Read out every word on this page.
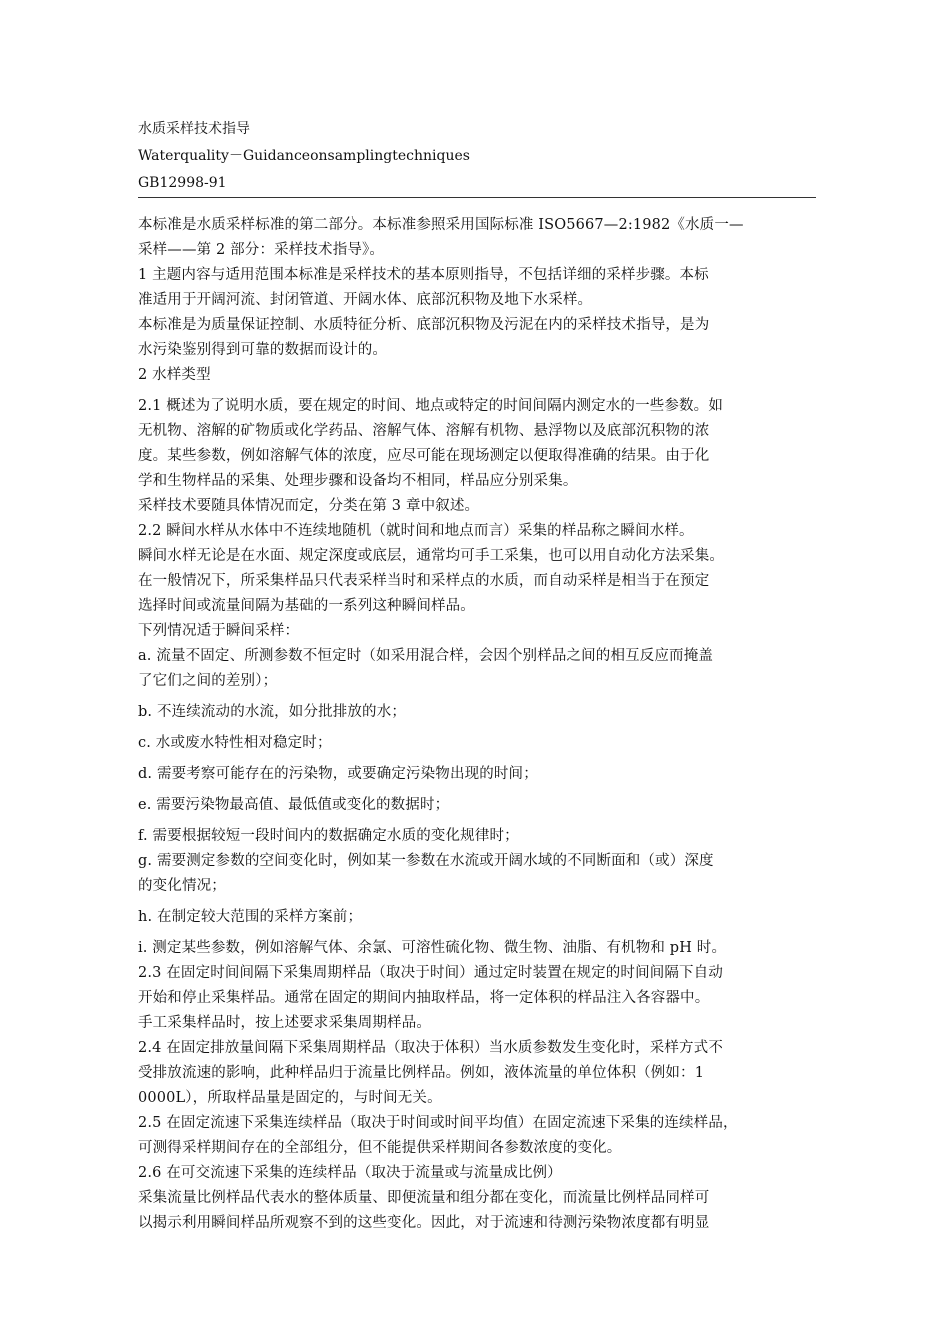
水质采样技术指导
Waterquality－Guidanceonsamplingtechniques
GB12998-91
本标准是水质采样标准的第二部分。本标准参照采用国际标准 ISO5667—2:1982《水质一—
采样——第 2 部分：采样技术指导》。
1 主题内容与适用范围本标准是采样技术的基本原则指导，不包括详细的采样步骤。本标
准适用于开阔河流、封闭管道、开阔水体、底部沉积物及地下水采样。
本标准是为质量保证控制、水质特征分析、底部沉积物及污泥在内的采样技术指导，是为
水污染鉴别得到可靠的数据而设计的。
2 水样类型
2.1 概述为了说明水质，要在规定的时间、地点或特定的时间间隔内测定水的一些参数。如
无机物、溶解的矿物质或化学药品、溶解气体、溶解有机物、悬浮物以及底部沉积物的浓
度。某些参数，例如溶解气体的浓度，应尽可能在现场测定以便取得准确的结果。由于化
学和生物样品的采集、处理步骤和设备均不相同，样品应分别采集。
采样技术要随具体情况而定，分类在第 3 章中叙述。
2.2 瞬间水样从水体中不连续地随机（就时间和地点而言）采集的样品称之瞬间水样。
瞬间水样无论是在水面、规定深度或底层，通常均可手工采集，也可以用自动化方法采集。
在一般情况下，所采集样品只代表采样当时和采样点的水质，而自动采样是相当于在预定
选择时间或流量间隔为基础的一系列这种瞬间样品。
下列情况适于瞬间采样：
a. 流量不固定、所测参数不恒定时（如采用混合样，会因个别样品之间的相互反应而掩盖
了它们之间的差别）；
b. 不连续流动的水流，如分批排放的水；
c. 水或废水特性相对稳定时；
d. 需要考察可能存在的污染物，或要确定污染物出现的时间；
e. 需要污染物最高值、最低值或变化的数据时；
f. 需要根据较短一段时间内的数据确定水质的变化规律时；
g. 需要测定参数的空间变化时，例如某一参数在水流或开阔水域的不同断面和（或）深度
的变化情况；
h. 在制定较大范围的采样方案前；
i. 测定某些参数，例如溶解气体、余氯、可溶性硫化物、微生物、油脂、有机物和 pH 时。
2.3 在固定时间间隔下采集周期样品（取决于时间）通过定时装置在规定的时间间隔下自动
开始和停止采集样品。通常在固定的期间内抽取样品，将一定体积的样品注入各容器中。
手工采集样品时，按上述要求采集周期样品。
2.4 在固定排放量间隔下采集周期样品（取决于体积）当水质参数发生变化时，采样方式不
受排放流速的影响，此种样品归于流量比例样品。例如，液体流量的单位体积（例如：1
0000L），所取样品量是固定的，与时间无关。
2.5 在固定流速下采集连续样品（取决于时间或时间平均值）在固定流速下采集的连续样品，
可测得采样期间存在的全部组分，但不能提供采样期间各参数浓度的变化。
2.6 在可交流速下采集的连续样品（取决于流量或与流量成比例）
采集流量比例样品代表水的整体质量、即便流量和组分都在变化，而流量比例样品同样可
以揭示利用瞬间样品所观察不到的这些变化。因此，对于流速和待测污染物浓度都有明显
